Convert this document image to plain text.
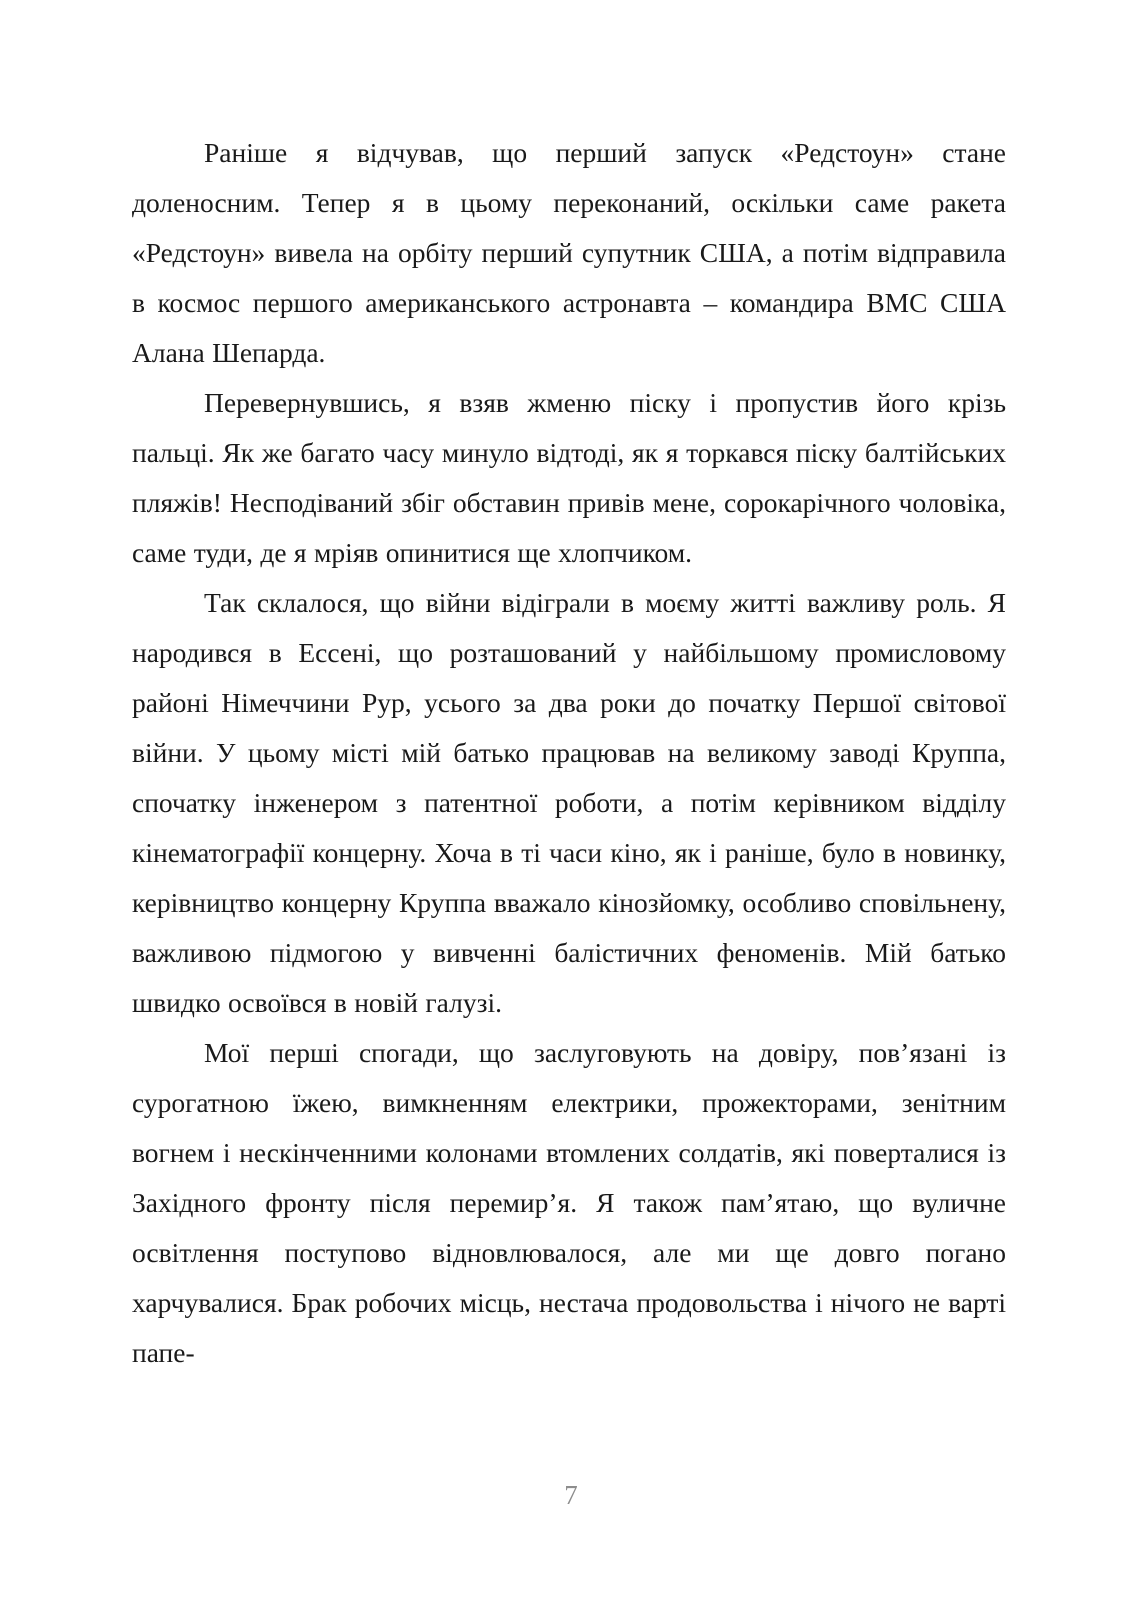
Раніше я відчував, що перший запуск «Редстоун» стане доленосним. Тепер я в цьому переконаний, оскільки саме ракета «Редстоун» вивела на орбіту перший супутник США, а потім відправила в космос першого американського астронавта – командира ВМС США Алана Шепарда.

Перевернувшись, я взяв жменю піску і пропустив його крізь пальці. Як же багато часу минуло відтоді, як я торкався піску балтійських пляжів! Несподіваний збіг обставин привів мене, сорокарічного чоловіка, саме туди, де я мріяв опинитися ще хлопчиком.

Так склалося, що війни відіграли в моєму житті важливу роль. Я народився в Ессені, що розташований у найбільшому промисловому районі Німеччини Рур, усього за два роки до початку Першої світової війни. У цьому місті мій батько працював на великому заводі Круппа, спочатку інженером з патентної роботи, а потім керівником відділу кінематографії концерну. Хоча в ті часи кіно, як і раніше, було в новинку, керівництво концерну Круппа вважало кінозйомку, особливо сповільнену, важливою підмогою у вивченні балістичних феноменів. Мій батько швидко освоївся в новій галузі.

Мої перші спогади, що заслуговують на довіру, пов’язані із сурогатною їжею, вимкненням електрики, прожекторами, зенітним вогнем і нескінченними колонами втомлених солдатів, які поверталися із Західного фронту після перемир’я. Я також пам’ятаю, що вуличне освітлення поступово відновлювалося, але ми ще довго погано харчувалися. Брак робочих місць, нестача продовольства і нічого не варті папе-

7
